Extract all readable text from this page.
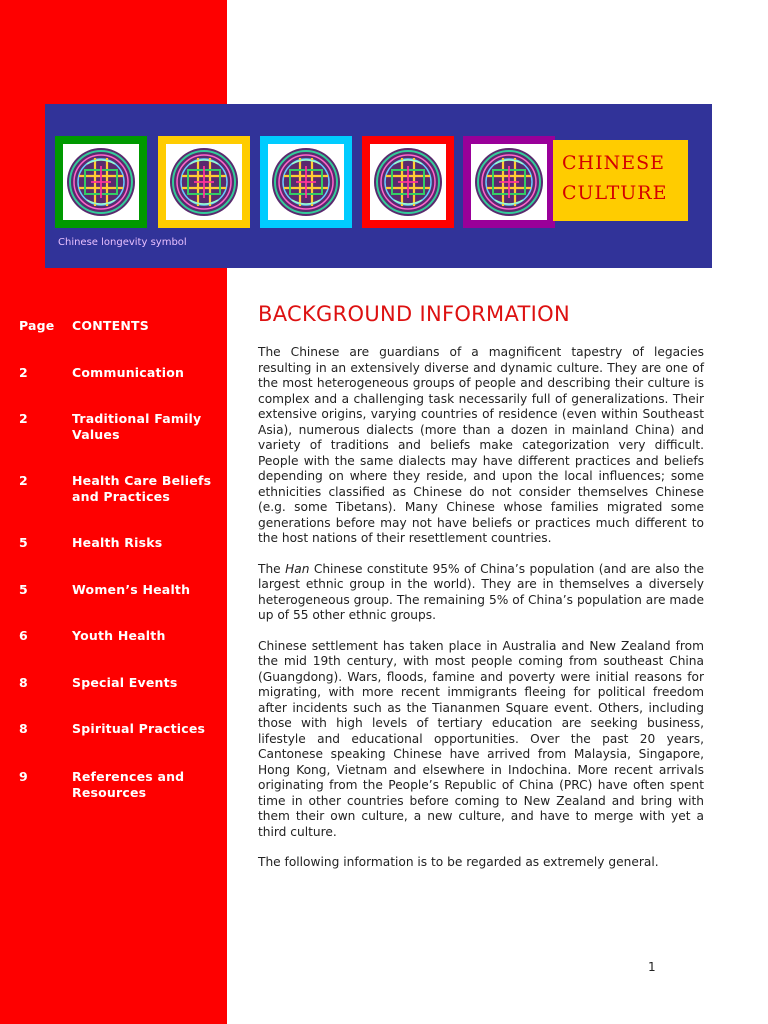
CHINESE
CULTURE
Chinese longevity symbol
Page CONTENTS
2	Communication
2	Traditional Family Values
2	Health Care Beliefs and Practices
5	Health Risks
5	Women’s Health
6	Youth Health
8	Special Events
8	Spiritual Practices
9	References and Resources
BACKGROUND INFORMATION

The Chinese are guardians of a magnificent tapestry of legacies resulting in an extensively diverse and dynamic culture. They are one of the most heterogeneous groups of people and describing their culture is complex and a challenging task necessarily full of generalizations. Their extensive origins, varying countries of residence (even within Southeast Asia), numerous dialects (more than a dozen in mainland China) and variety of traditions and beliefs make categorization very difficult. People with the same dialects may have different practices and beliefs depending on where they reside, and upon the local influences; some ethnicities classified as Chinese do not consider themselves Chinese (e.g. some Tibetans). Many Chinese whose families migrated some generations before may not have beliefs or practices much different to the host nations of their resettlement countries.

The Han Chinese constitute 95% of China’s population (and are also the largest ethnic group in the world). They are in themselves a diversely heterogeneous group. The remaining 5% of China’s population are made up of 55 other ethnic groups.

Chinese settlement has taken place in Australia and New Zealand from the mid 19th century, with most people coming from southeast China (Guangdong). Wars, floods, famine and poverty were initial reasons for migrating, with more recent immigrants fleeing for political freedom after incidents such as the Tiananmen Square event. Others, including those with high levels of tertiary education are seeking business, lifestyle and educational opportunities. Over the past 20 years, Cantonese speaking Chinese have arrived from Malaysia, Singapore, Hong Kong, Vietnam and elsewhere in Indochina. More recent arrivals originating from the People’s Republic of China (PRC) have often spent time in other countries before coming to New Zealand and bring with them their own culture, a new culture, and have to merge with yet a third culture.

The following information is to be regarded as extremely general.

1
